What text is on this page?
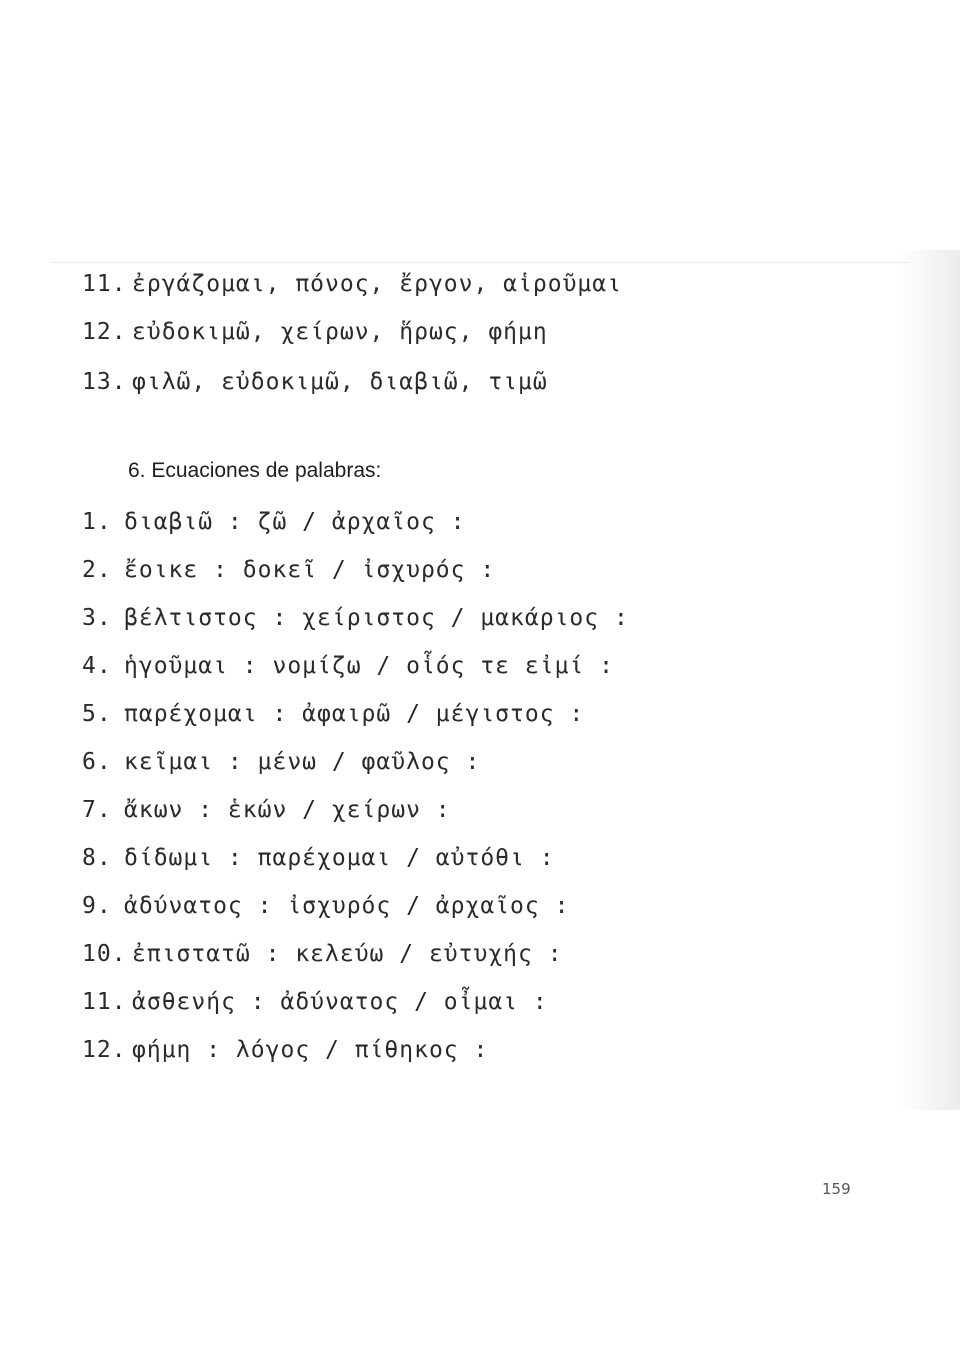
11. ἐργάζομαι, πόνος, ἔργον, αἱροῦμαι

12. εὐδοκιμῶ, χείρων, ἥρως, φήμη

13. φιλῶ, εὐδοκιμῶ, διαβιῶ, τιμῶ

6. Ecuaciones de palabras:

1. διαβιῶ : ζῶ / ἀρχαῖος :

2. ἔοικε : δοκεῖ / ἰσχυρός :

3. βέλτιστος : χείριστος / μακάριος :

4. ἡγοῦμαι : νομίζω / οἷός τε εἰμί :

5. παρέχομαι : ἀφαιρῶ / μέγιστος :

6. κεῖμαι : μένω / φαῦλος :

7. ἄκων : ἑκών / χείρων :

8. δίδωμι : παρέχομαι / αὐτόθι :

9. ἀδύνατος : ἰσχυρός / ἀρχαῖος :

10. ἐπιστατῶ : κελεύω / εὐτυχής :

11. ἀσθενής : ἀδύνατος / οἶμαι :

12. φήμη : λόγος / πίθηκος :

159
